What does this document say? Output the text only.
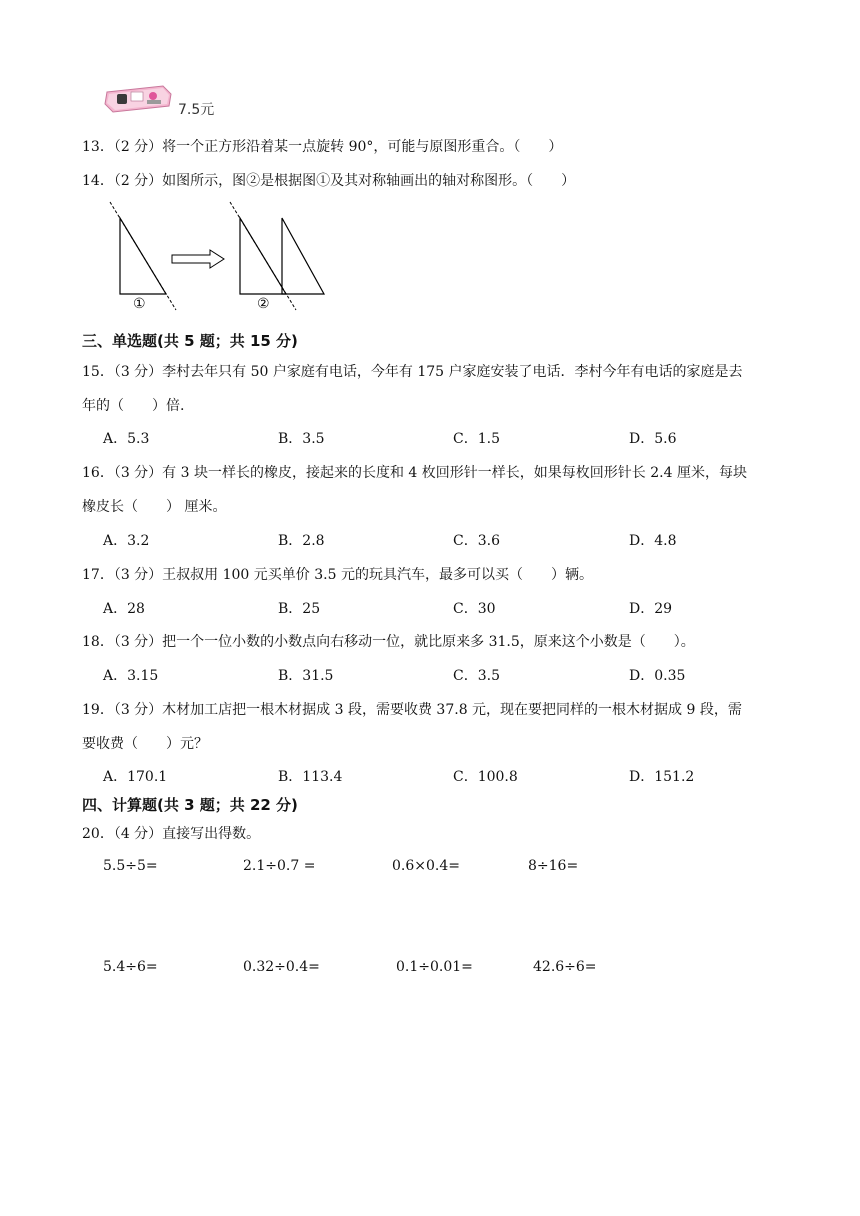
7.5元
13．（2 分）将一个正方形沿着某一点旋转 90°，可能与原图形重合。（　　）
14．（2 分）如图所示，图②是根据图①及其对称轴画出的轴对称图形。（　　）
①	②
三、单选题(共 5 题；共 15 分)
15．（3 分）李村去年只有 50 户家庭有电话，今年有 175 户家庭安装了电话．李村今年有电话的家庭是去
年的（　　）倍.
A．5.3	B．3.5	C．1.5	D．5.6
16．（3 分）有 3 块一样长的橡皮，接起来的长度和 4 枚回形针一样长，如果每枚回形针长 2.4 厘米，每块
橡皮长（　　） 厘米。
A．3.2	B．2.8	C．3.6	D．4.8
17．（3 分）王叔叔用 100 元买单价 3.5 元的玩具汽车，最多可以买（　　）辆。
A．28	B．25	C．30	D．29
18．（3 分）把一个一位小数的小数点向右移动一位，就比原来多 31.5，原来这个小数是（　　）。
A．3.15	B．31.5	C．3.5	D．0.35
19．（3 分）木材加工店把一根木材据成 3 段，需要收费 37.8 元，现在要把同样的一根木材据成 9 段，需
要收费（　　）元？
A．170.1	B．113.4	C．100.8	D．151.2
四、计算题(共 3 题；共 22 分)
20．（4 分）直接写出得数。
5.5÷5=	2.1÷0.7 =	0.6×0.4=	8÷16=
5.4÷6=	0.32÷0.4=	0.1÷0.01=	42.6÷6=
